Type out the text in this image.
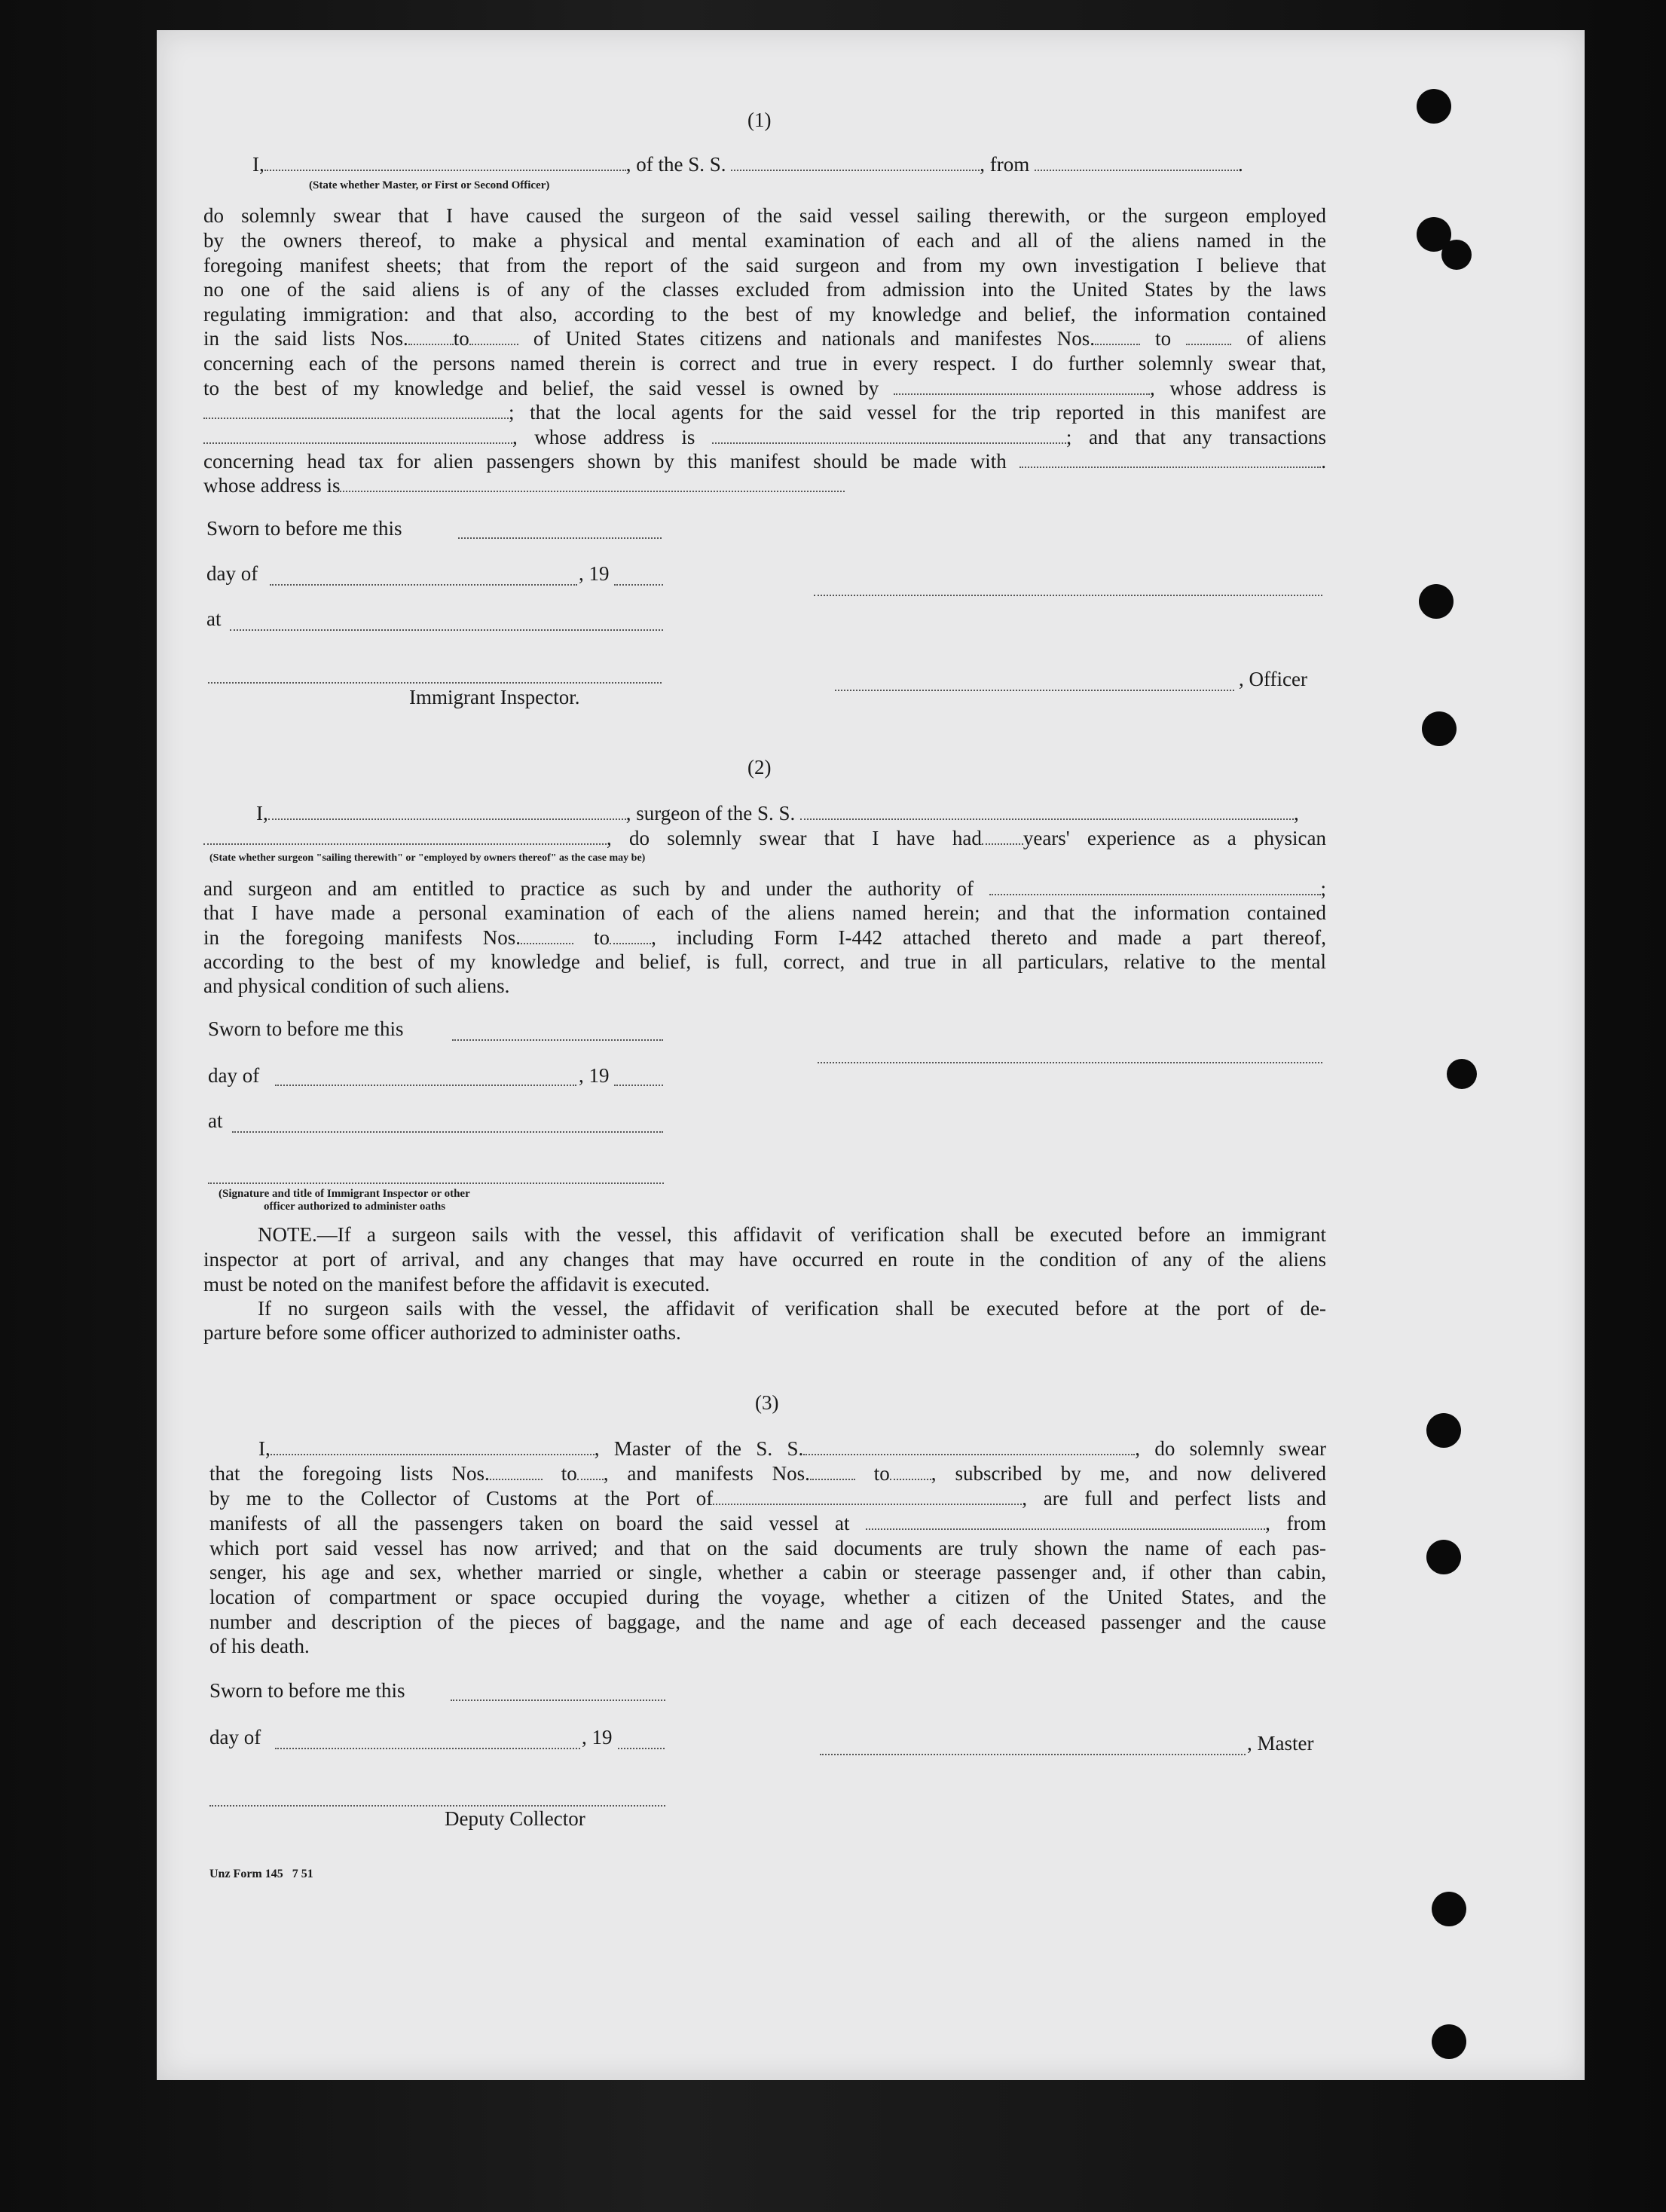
(1)
I,	, of the S. S.	, from	.
(State whether Master, or First or Second Officer)
do solemnly swear that I have caused the surgeon of the said vessel sailing therewith, or the surgeon employed
by the owners thereof, to make a physical and mental examination of each and all of the aliens named in the
foregoing manifest sheets; that from the report of the said surgeon and from my own investigation I believe that
no one of the said aliens is of any of the classes excluded from admission into the United States by the laws
regulating immigration: and that also, according to the best of my knowledge and belief, the information contained
in the said lists Nos. to	of United States citizens and nationals and manifestes Nos.	to	of aliens
concerning each of the persons named therein is correct and true in every respect. I do further solemnly swear that,
to the best of my knowledge and belief, the said vessel is owned by	, whose address is
; that the local agents for the said vessel for the trip reported in this manifest are
, whose address is	; and that any transactions
concerning head tax for alien passengers shown by this manifest should be made with	.
whose address is
Sworn to before me this
day of	, 19
at
, Officer
Immigrant Inspector.
(2)
I,	, surgeon of the S. S.	,
, do solemnly swear that I have had years' experience as a physican
(State whether surgeon "sailing therewith" or "employed by owners thereof" as the case may be)
and surgeon and am entitled to practice as such by and under the authority of	;
that I have made a personal examination of each of the aliens named herein; and that the information contained
in the foregoing manifests Nos.	to , including Form I-442 attached thereto and made a part thereof,
according to the best of my knowledge and belief, is full, correct, and true in all particulars, relative to the mental
and physical condition of such aliens.
Sworn to before me this
day of	, 19
at
(Signature and title of Immigrant Inspector or other
officer authorized to administer oaths
NOTE.—If a surgeon sails with the vessel, this affidavit of verification shall be executed before an immigrant
inspector at port of arrival, and any changes that may have occurred en route in the condition of any of the aliens
must be noted on the manifest before the affidavit is executed.
If no surgeon sails with the vessel, the affidavit of verification shall be executed before at the port of de-
parture before some officer authorized to administer oaths.
(3)
I,	, Master of the S. S.	, do solemnly swear
that the foregoing lists Nos.	to , and manifests Nos.	to , subscribed by me, and now delivered
by me to the Collector of Customs at the Port of	, are full and perfect lists and
manifests of all the passengers taken on board the said vessel at	, from
which port said vessel has now arrived; and that on the said documents are truly shown the name of each pas-
senger, his age and sex, whether married or single, whether a cabin or steerage passenger and, if other than cabin,
location of compartment or space occupied during the voyage, whether a citizen of the United States, and the
number and description of the pieces of baggage, and the name and age of each deceased passenger and the cause
of his death.
Sworn to before me this
day of	, 19	, Master
Deputy Collector
Unz Form 145   7 51
